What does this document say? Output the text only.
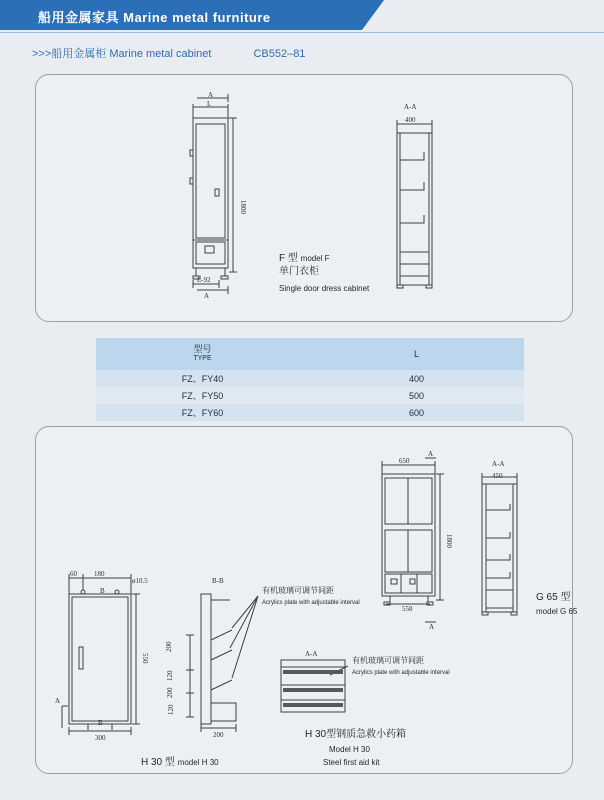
船用金属家具 Marine metal furniture
>>>船用金属柜 Marine metal cabinet	CB552–81
A
L
A
L-92
1800
A-A
400
F 型 model F
单门衣柜
Single door dress cabinet
型号
TYPE	L
FZ、FY40	400
FZ、FY50	500
FZ、FY60	600
650
1800
558
A
A
A-A
450
G 65 型
model G 65
60 180
ø10.5
B
B
550
300
A
B-B
200
120
200
120
200
A-A
有机玻璃可调节间距
Acrylics plate with adjustable interval
有机玻璃可调节间距
Acrylics plate with adjustable interval
H 30型钢质急救小药箱
Model H 30
Steel first aid kit
H 30 型 model H 30
